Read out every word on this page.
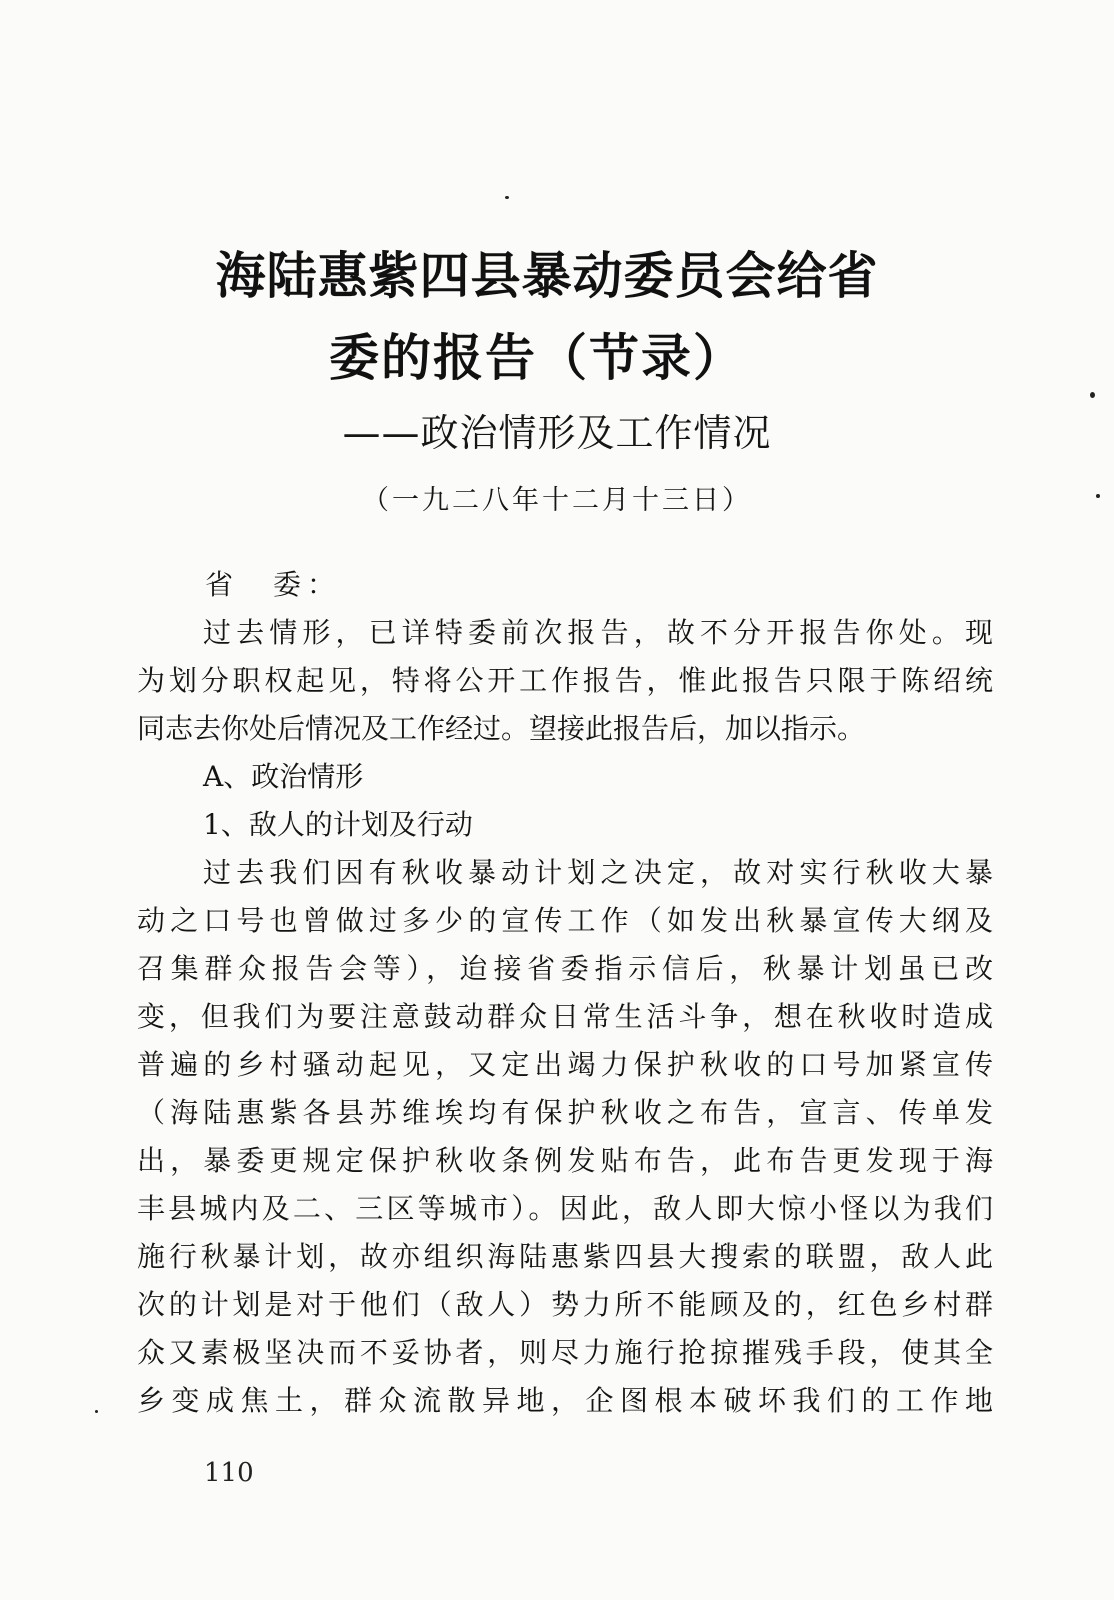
海陆惠紫四县暴动委员会给省
委的报告（节录）

——政治情形及工作情况

（一九二八年十二月十三日）

省　委：

过去情形，已详特委前次报告，故不分开报告你处。现

为划分职权起见，特将公开工作报告，惟此报告只限于陈绍统

同志去你处后情况及工作经过。望接此报告后，加以指示。

A、政治情形

1、敌人的计划及行动

过去我们因有秋收暴动计划之决定，故对实行秋收大暴

动之口号也曾做过多少的宣传工作（如发出秋暴宣传大纲及

召集群众报告会等），迨接省委指示信后，秋暴计划虽已改

变，但我们为要注意鼓动群众日常生活斗争，想在秋收时造成

普遍的乡村骚动起见，又定出竭力保护秋收的口号加紧宣传

（海陆惠紫各县苏维埃均有保护秋收之布告，宣言、传单发

出，暴委更规定保护秋收条例发贴布告，此布告更发现于海

丰县城内及二、三区等城市）。因此，敌人即大惊小怪以为我们

施行秋暴计划，故亦组织海陆惠紫四县大搜索的联盟，敌人此

次的计划是对于他们（敌人）势力所不能顾及的，红色乡村群

众又素极坚决而不妥协者，则尽力施行抢掠摧残手段，使其全

乡变成焦土，群众流散异地，企图根本破坏我们的工作地

110
